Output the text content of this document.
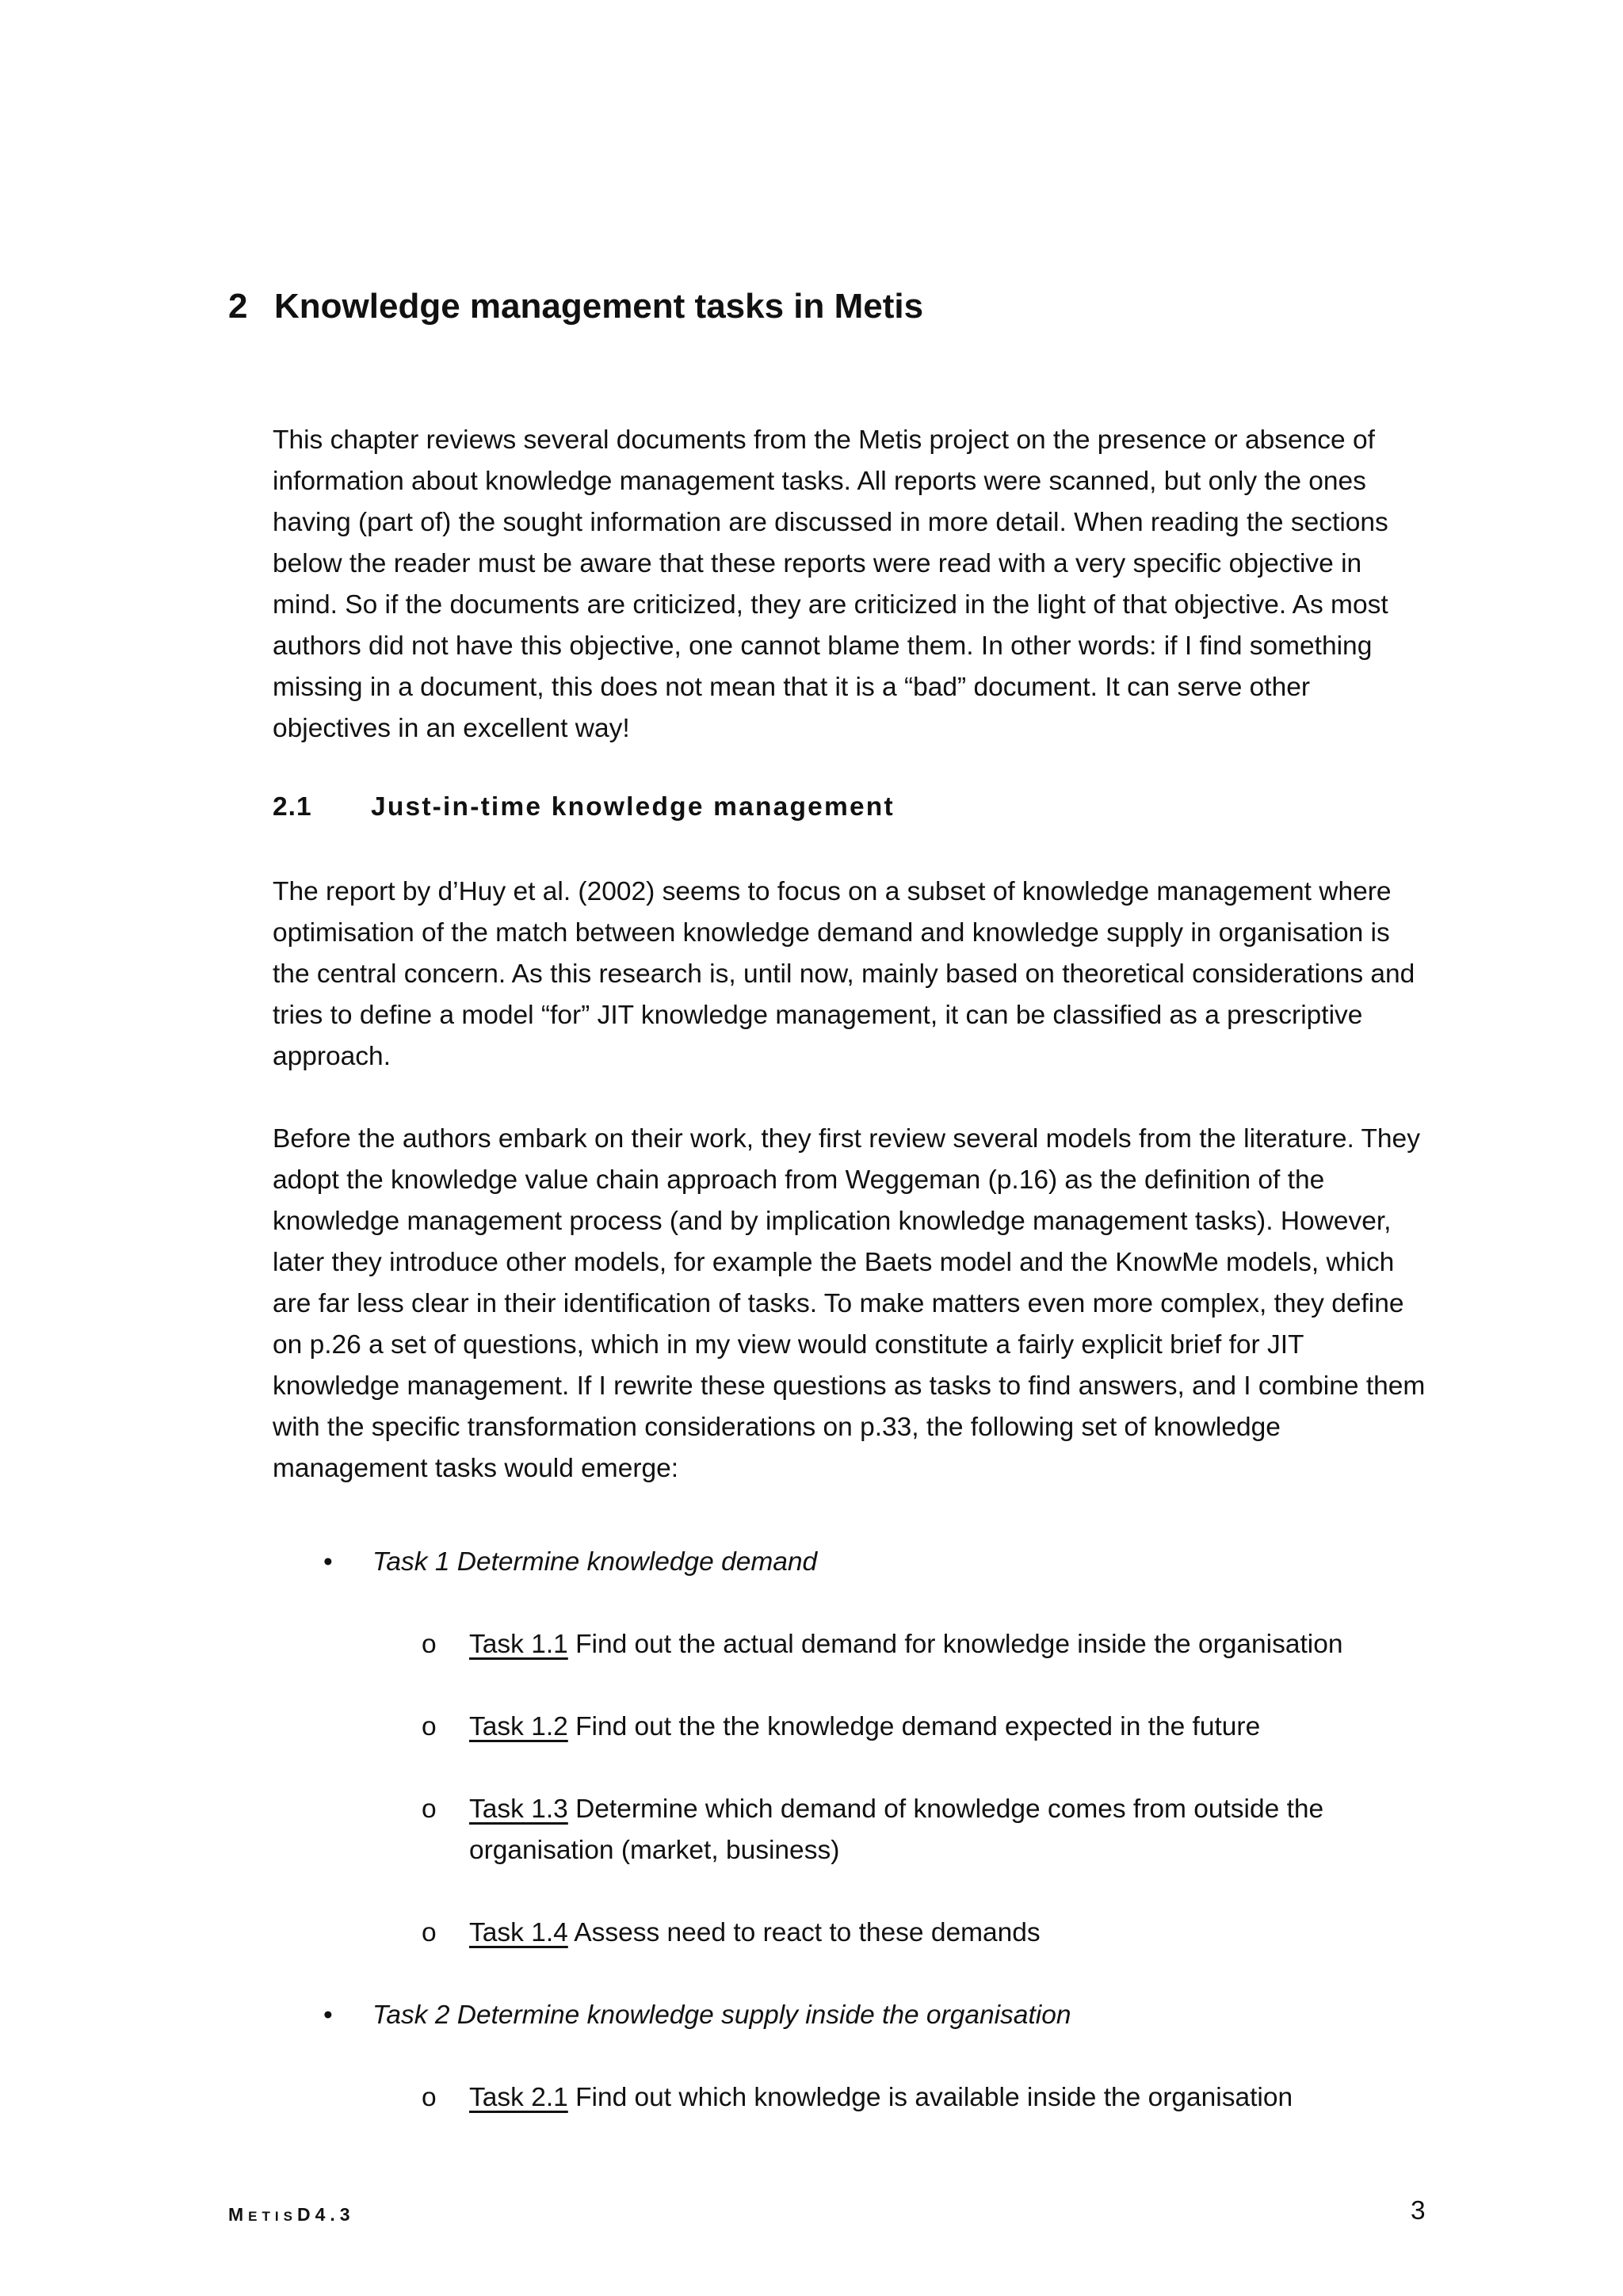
2 Knowledge management tasks in Metis

This chapter reviews several documents from the Metis project on the presence or absence of information about knowledge management tasks. All reports were scanned, but only the ones having (part of) the sought information are discussed in more detail. When reading the sections below the reader must be aware that these reports were read with a very specific objective in mind. So if the documents are criticized, they are criticized in the light of that objective. As most authors did not have this objective, one cannot blame them. In other words: if I find something missing in a document, this does not mean that it is a “bad” document. It can serve other objectives in an excellent way!

2.1 Just-in-time knowledge management

The report by d’Huy et al. (2002) seems to focus on a subset of knowledge management where optimisation of the match between knowledge demand and knowledge supply in organisation is the central concern. As this research is, until now, mainly based on theoretical considerations and tries to define a model “for” JIT knowledge management, it can be classified as a prescriptive approach.

Before the authors embark on their work, they first review several models from the literature. They adopt the knowledge value chain approach from Weggeman (p.16) as the definition of the knowledge management process (and by implication knowledge management tasks). However, later they introduce other models, for example the Baets model and the KnowMe models, which are far less clear in their identification of tasks. To make matters even more complex, they define on p.26 a set of questions, which in my view would constitute a fairly explicit brief for JIT knowledge management. If I rewrite these questions as tasks to find answers, and I combine them with the specific transformation considerations on p.33, the following set of knowledge management tasks would emerge:

• Task 1 Determine knowledge demand
o Task 1.1 Find out the actual demand for knowledge inside the organisation
o Task 1.2 Find out the the knowledge demand expected in the future
o Task 1.3 Determine which demand of knowledge comes from outside the organisation (market, business)
o Task 1.4 Assess need to react to these demands
• Task 2 Determine knowledge supply inside the organisation
o Task 2.1 Find out which knowledge is available inside the organisation
METISD4.3	3
